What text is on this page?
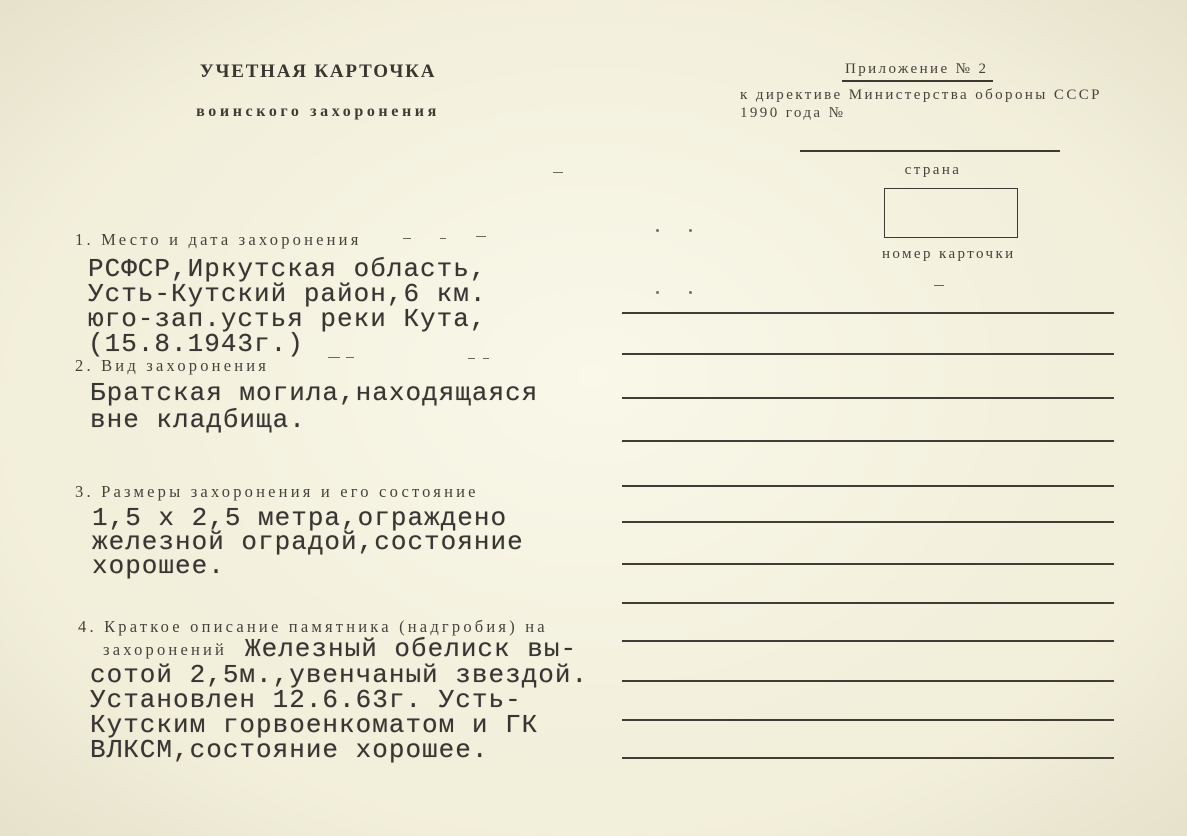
УЧЕТНАЯ КАРТОЧКА
воинского захоронения
Приложение № 2
к директиве Министерства обороны СССР
1990 года №
страна
номер карточки
1. Место и дата захоронения
РСФСР,Иркутская область,
Усть-Кутский район,6 км.
юго-зап.устья реки Кута,
(15.8.1943г.)
2. Вид захоронения
Братская могила,находящаяся
вне кладбища.
3. Размеры захоронения и его состояние
1,5 х 2,5 метра,ограждено
железной оградой,состояние
хорошее.
4. Краткое описание памятника (надгробия) на
захоронений Железный обелиск вы-
сотой 2,5м.,увенчаный звездой.
Установлен 12.6.63г. Усть-
Кутским горвоенкоматом и ГК
ВЛКСМ,состояние хорошее.
